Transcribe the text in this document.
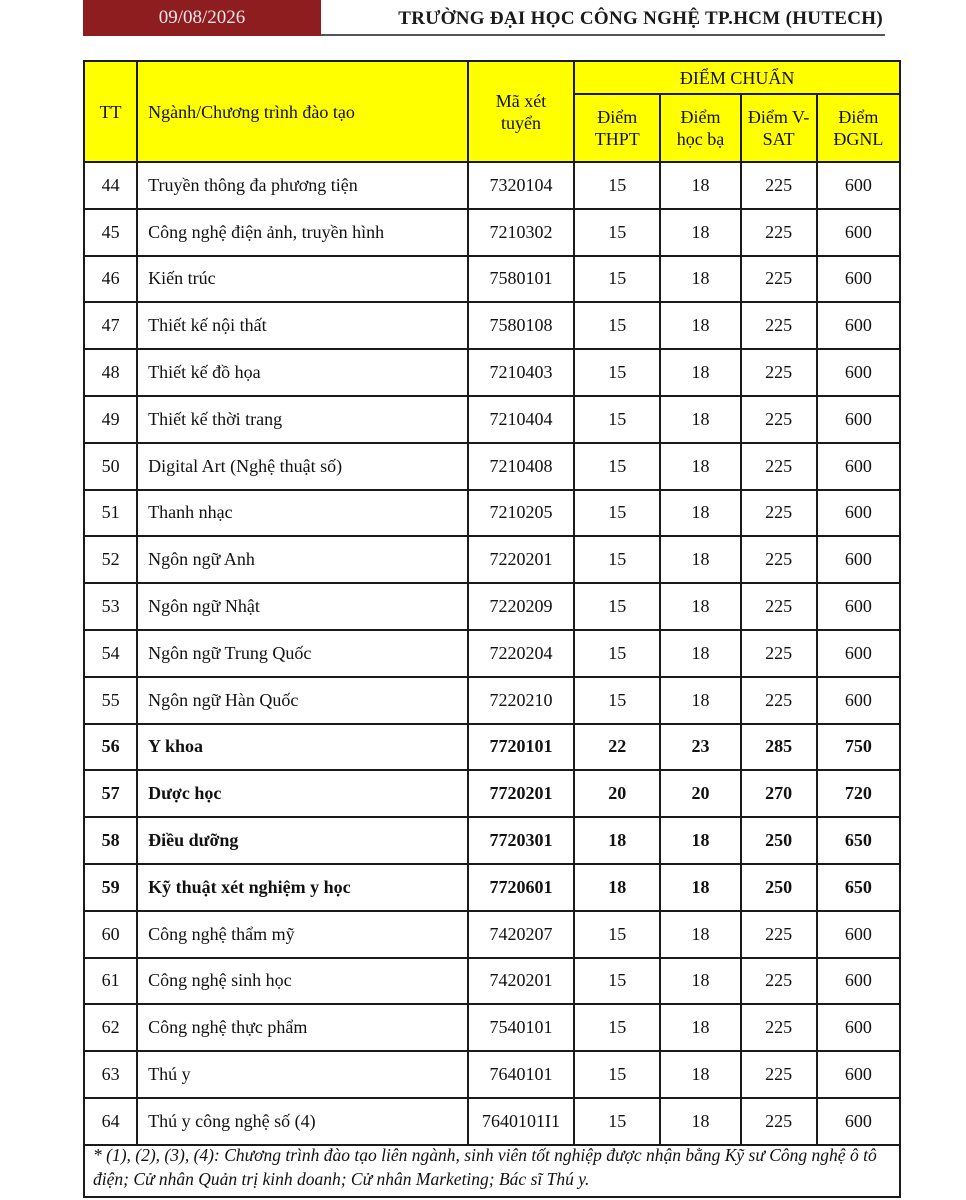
09/08/2026	TRƯỜNG ĐẠI HỌC CÔNG NGHỆ TP.HCM (HUTECH)
TT	Ngành/Chương trình đào tạo	Mã xét tuyển	ĐIỂM CHUẨN			
			Điểm THPT	Điểm học bạ	Điểm V-SAT	Điểm ĐGNL
44	Truyền thông đa phương tiện	7320104	15	18	225	600
45	Công nghệ điện ảnh, truyền hình	7210302	15	18	225	600
46	Kiến trúc	7580101	15	18	225	600
47	Thiết kế nội thất	7580108	15	18	225	600
48	Thiết kế đồ họa	7210403	15	18	225	600
49	Thiết kế thời trang	7210404	15	18	225	600
50	Digital Art (Nghệ thuật số)	7210408	15	18	225	600
51	Thanh nhạc	7210205	15	18	225	600
52	Ngôn ngữ Anh	7220201	15	18	225	600
53	Ngôn ngữ Nhật	7220209	15	18	225	600
54	Ngôn ngữ Trung Quốc	7220204	15	18	225	600
55	Ngôn ngữ Hàn Quốc	7220210	15	18	225	600
56	Y khoa	7720101	22	23	285	750
57	Dược học	7720201	20	20	270	720
58	Điều dưỡng	7720301	18	18	250	650
59	Kỹ thuật xét nghiệm y học	7720601	18	18	250	650
60	Công nghệ thẩm mỹ	7420207	15	18	225	600
61	Công nghệ sinh học	7420201	15	18	225	600
62	Công nghệ thực phẩm	7540101	15	18	225	600
63	Thú y	7640101	15	18	225	600
64	Thú y công nghệ số (4)	7640101I1	15	18	225	600
* (1), (2), (3), (4): Chương trình đào tạo liên ngành, sinh viên tốt nghiệp được nhận bằng Kỹ sư Công nghệ ô tô điện; Cử nhân Quản trị kinh doanh; Cử nhân Marketing; Bác sĩ Thú y.
